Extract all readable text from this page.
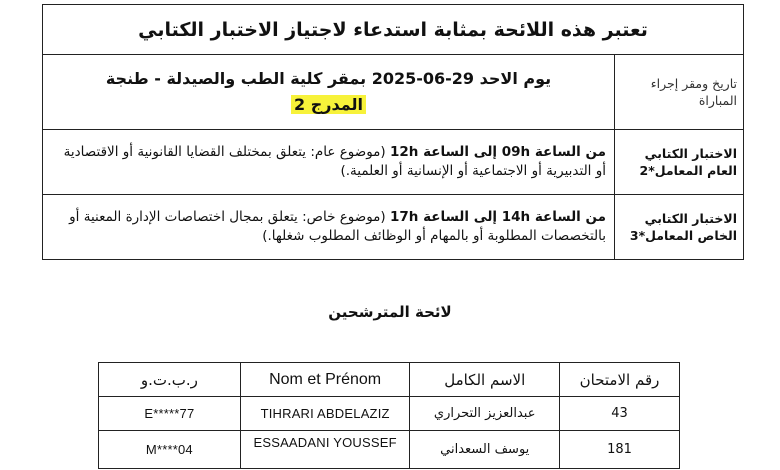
تعتبر هذه اللائحة بمثابة استدعاء لاجتياز الاختبار الكتابي	
تاريخ ومقر إجراء المباراة	يوم الاحد 29-06-2025 بمقر كلية الطب والصيدلة - طنجة
المدرج 2

الاختبار الكتابي العام المعامل*2	من الساعة 09h إلى الساعة 12h (موضوع عام: يتعلق بمختلف القضايا القانونية أو الاقتصادية أو التدبيرية أو الاجتماعية أو الإنسانية أو العلمية.)
الاختبار الكتابي الخاص المعامل*3	من الساعة 14h إلى الساعة 17h (موضوع خاص: يتعلق بمجال اختصاصات الإدارة المعنية أو بالتخصصات المطلوبة أو بالمهام أو الوظائف المطلوب شغلها.)
لائحة المترشحين
رقم الامتحان	الاسم الكامل	Nom et Prénom	ر.ب.ت.و
43	عبدالعزيز التحراري	TIHRARI ABDELAZIZ	E*****77
181	يوسف السعداني	ESSAADANI YOUSSEF	M****04
